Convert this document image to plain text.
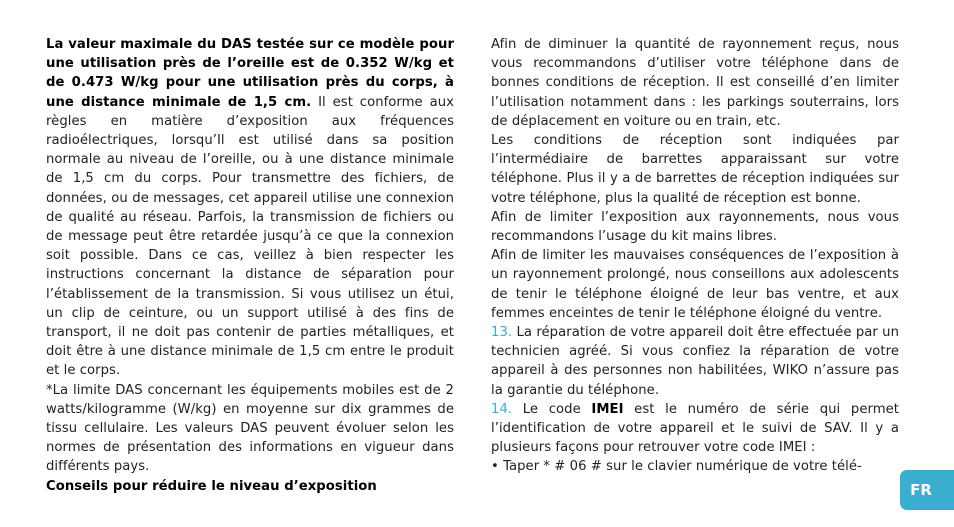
La valeur maximale du DAS testée sur ce modèle pour une utilisation près de l’oreille est de 0.352 W/kg et de 0.473 W/kg pour une utilisation près du corps, à une distance minimale de 1,5 cm. Il est conforme aux règles en matière d’exposition aux fréquences radioélectriques, lorsqu’Il est utilisé dans sa position normale au niveau de l’oreille, ou à une distance minimale de 1,5 cm du corps. Pour transmettre des fichiers, de données, ou de messages, cet appareil utilise une connexion de qualité au réseau. Parfois, la transmission de fichiers ou de message peut être retardée jusqu’à ce que la connexion soit possible. Dans ce cas, veillez à bien respecter les instructions concernant la distance de séparation pour l’établissement de la transmission. Si vous utilisez un étui, un clip de ceinture, ou un support utilisé à des fins de transport, il ne doit pas contenir de parties métalliques, et doit être à une distance minimale de 1,5 cm entre le produit et le corps.

*La limite DAS concernant les équipements mobiles est de 2 watts/kilogramme (W/kg) en moyenne sur dix grammes de tissu cellulaire. Les valeurs DAS peuvent évoluer selon les normes de présentation des informations en vigueur dans différents pays.

Conseils pour réduire le niveau d’exposition

Afin de diminuer la quantité de rayonnement reçus, nous vous recommandons d’utiliser votre téléphone dans de bonnes conditions de réception. Il est conseillé d’en limiter l’utilisation notamment dans : les parkings souterrains, lors de déplacement en voiture ou en train, etc.

Les conditions de réception sont indiquées par l’intermédiaire de barrettes apparaissant sur votre téléphone. Plus il y a de barrettes de réception indiquées sur votre téléphone, plus la qualité de réception est bonne.

Afin de limiter l’exposition aux rayonnements, nous vous recommandons l’usage du kit mains libres.

Afin de limiter les mauvaises conséquences de l’exposition à un rayonnement prolongé, nous conseillons aux adolescents de tenir le téléphone éloigné de leur bas ventre, et aux femmes enceintes de tenir le téléphone éloigné du ventre.

13. La réparation de votre appareil doit être effectuée par un technicien agréé. Si vous confiez la réparation de votre appareil à des personnes non habilitées, WIKO n’assure pas la garantie du téléphone.

14. Le code IMEI est le numéro de série qui permet l’identification de votre appareil et le suivi de SAV. Il y a plusieurs façons pour retrouver votre code IMEI :

• Taper * # 06 # sur le clavier numérique de votre télé-

FR
